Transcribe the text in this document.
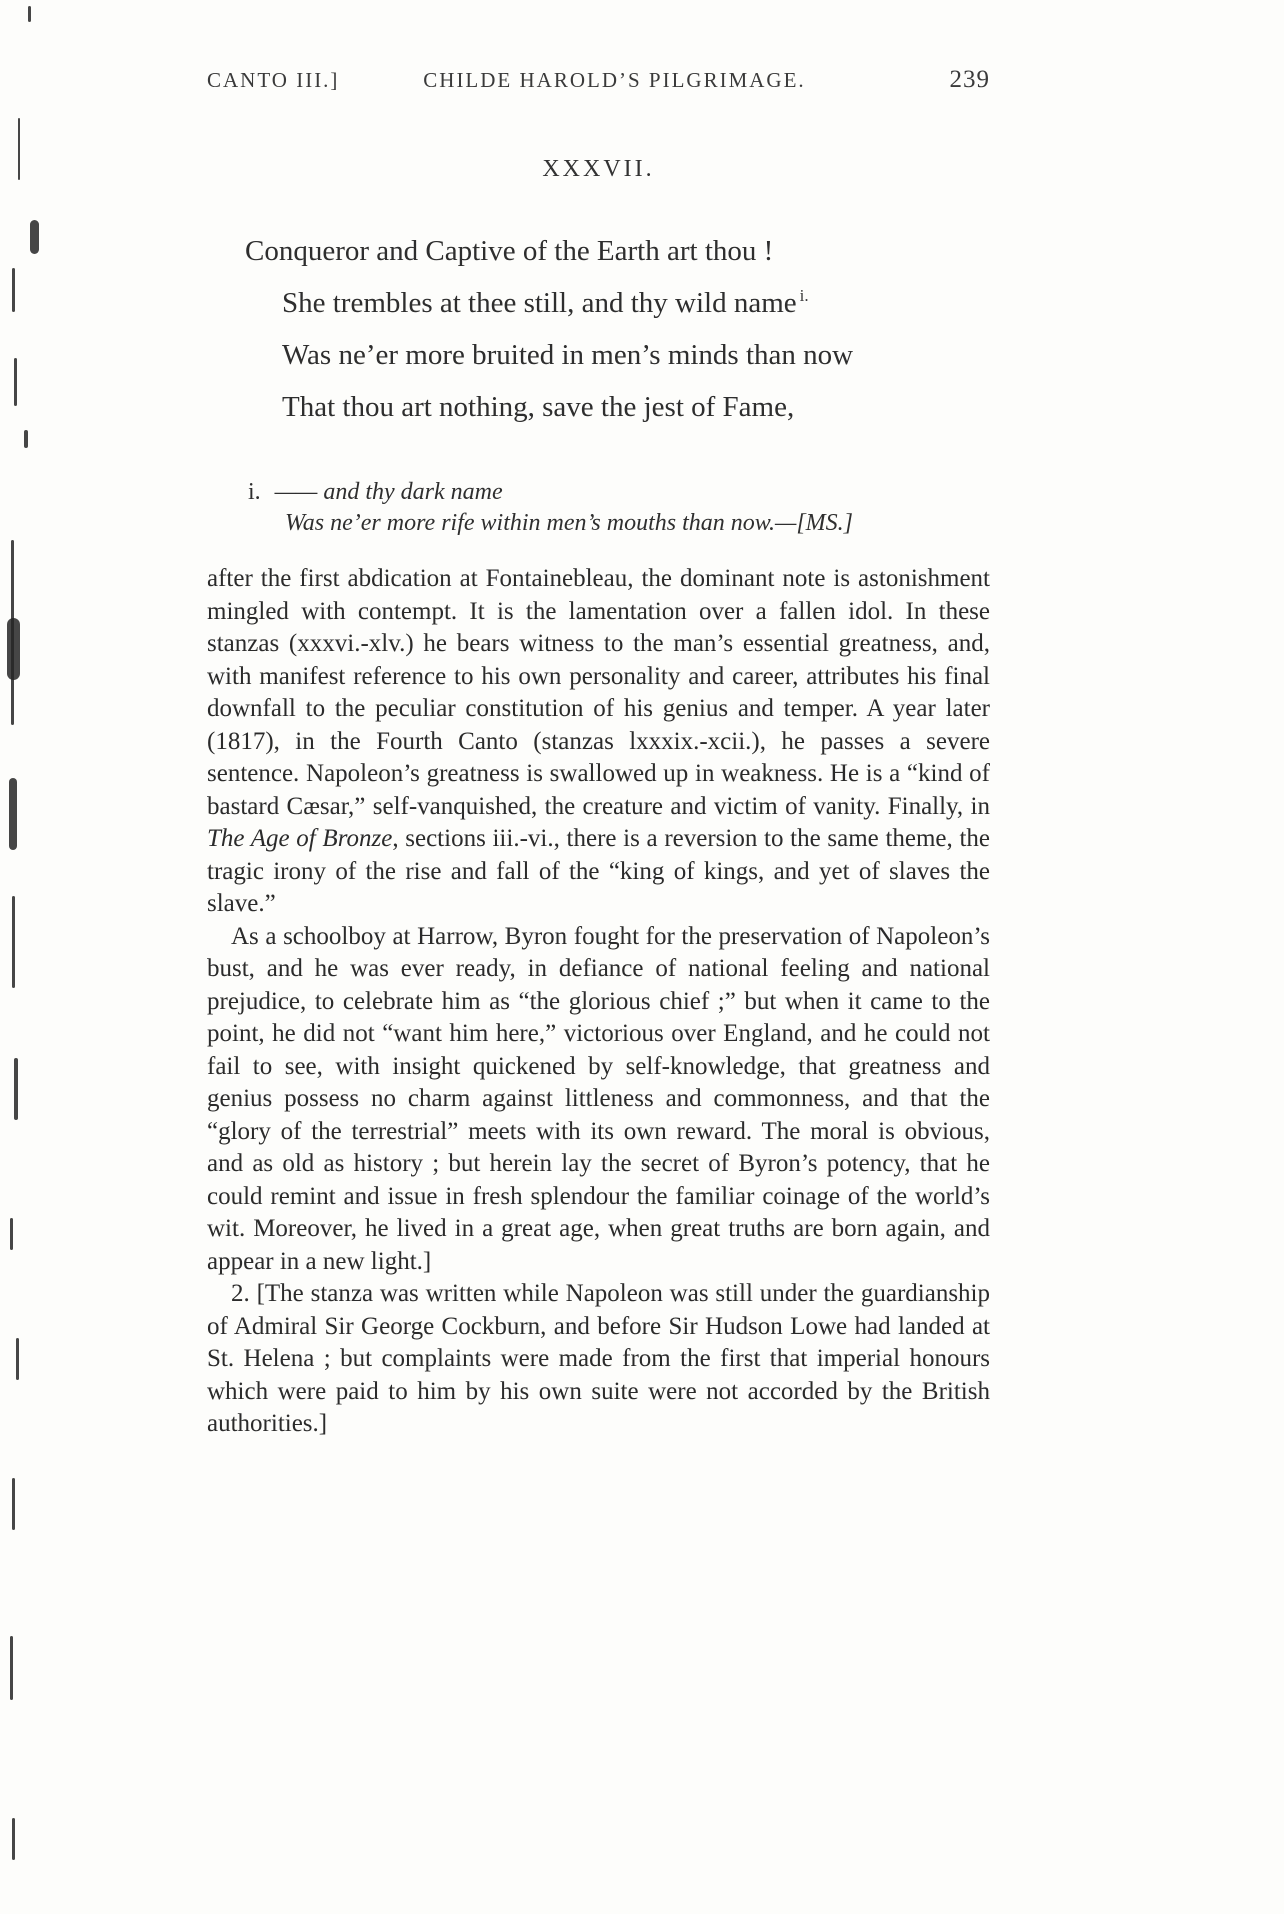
CANTO III.]	CHILDE HAROLD’S PILGRIMAGE.	239
XXXVII.
Conqueror and Captive of the Earth art thou !
She trembles at thee still, and thy wild name $^{i.}$
Was ne’er more bruited in men’s minds than now
That thou art nothing, save the jest of Fame,
i. —— and thy dark name
Was ne’er more rife within men’s mouths than now.—[MS.]

after the first abdication at Fontainebleau, the dominant note is astonishment mingled with contempt. It is the lamentation over a fallen idol. In these stanzas (xxxvi.-xlv.) he bears witness to the man’s essential greatness, and, with manifest reference to his own personality and career, attributes his final downfall to the peculiar constitution of his genius and temper. A year later (1817), in the Fourth Canto (stanzas lxxxix.-xcii.), he passes a severe sentence. Napoleon’s greatness is swallowed up in weakness. He is a “kind of bastard Cæsar,” self-vanquished, the creature and victim of vanity. Finally, in The Age of Bronze, sections iii.-vi., there is a reversion to the same theme, the tragic irony of the rise and fall of the “king of kings, and yet of slaves the slave.”

As a schoolboy at Harrow, Byron fought for the preservation of Napoleon’s bust, and he was ever ready, in defiance of national feeling and national prejudice, to celebrate him as “the glorious chief ;” but when it came to the point, he did not “want him here,” victorious over England, and he could not fail to see, with insight quickened by self-knowledge, that greatness and genius possess no charm against littleness and commonness, and that the “glory of the terrestrial” meets with its own reward. The moral is obvious, and as old as history ; but herein lay the secret of Byron’s potency, that he could remint and issue in fresh splendour the familiar coinage of the world’s wit. Moreover, he lived in a great age, when great truths are born again, and appear in a new light.]

2. [The stanza was written while Napoleon was still under the guardianship of Admiral Sir George Cockburn, and before Sir Hudson Lowe had landed at St. Helena ; but complaints were made from the first that imperial honours which were paid to him by his own suite were not accorded by the British authorities.]
